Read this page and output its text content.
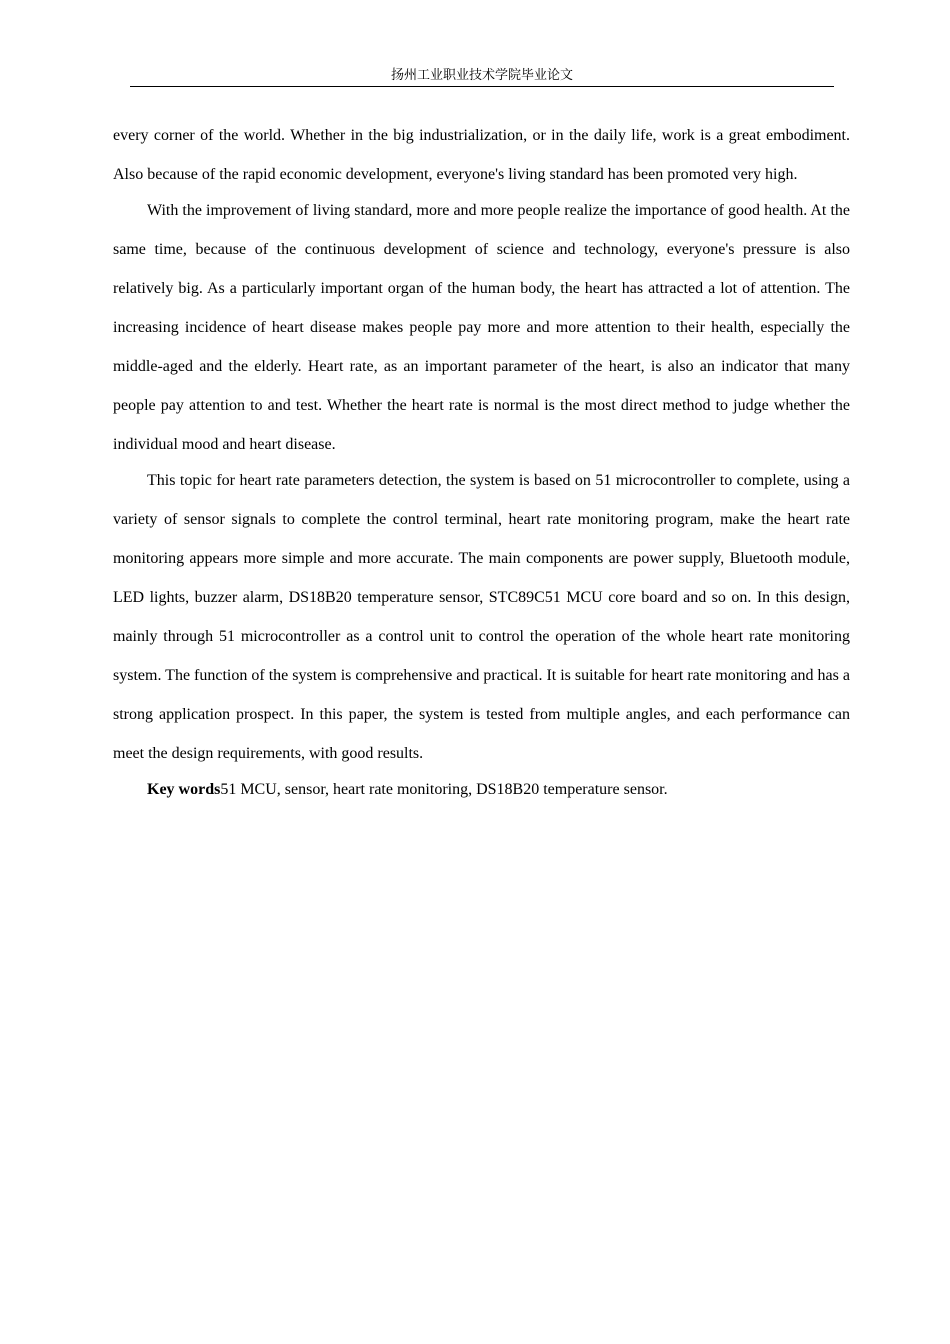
扬州工业职业技术学院毕业论文

every corner of the world. Whether in the big industrialization, or in the daily life, work is a great embodiment. Also because of the rapid economic development, everyone's living standard has been promoted very high.

With the improvement of living standard, more and more people realize the importance of good health. At the same time, because of the continuous development of science and technology, everyone's pressure is also relatively big. As a particularly important organ of the human body, the heart has attracted a lot of attention. The increasing incidence of heart disease makes people pay more and more attention to their health, especially the middle-aged and the elderly. Heart rate, as an important parameter of the heart, is also an indicator that many people pay attention to and test. Whether the heart rate is normal is the most direct method to judge whether the individual mood and heart disease.

This topic for heart rate parameters detection, the system is based on 51 microcontroller to complete, using a variety of sensor signals to complete the control terminal, heart rate monitoring program, make the heart rate monitoring appears more simple and more accurate. The main components are power supply, Bluetooth module, LED lights, buzzer alarm, DS18B20 temperature sensor, STC89C51 MCU core board and so on. In this design, mainly through 51 microcontroller as a control unit to control the operation of the whole heart rate monitoring system. The function of the system is comprehensive and practical. It is suitable for heart rate monitoring and has a strong application prospect. In this paper, the system is tested from multiple angles, and each performance can meet the design requirements, with good results.

Key words51 MCU, sensor, heart rate monitoring, DS18B20 temperature sensor.
